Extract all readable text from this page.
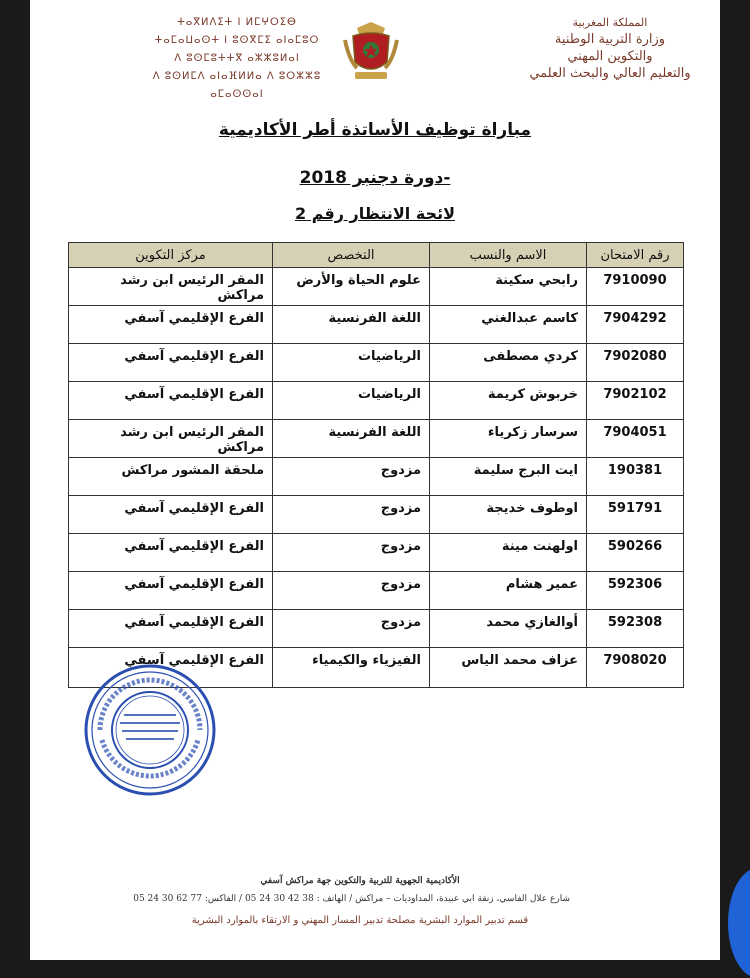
المملكة المغربية
وزارة التربية الوطنية
والتكوين المهني
والتعليم العالي والبحث العلمي
ⵜⴰⴳⵍⴷⵉⵜ ⵏ ⵍⵎⵖⵔⵉⴱ
ⵜⴰⵎⴰⵡⴰⵙⵜ ⵏ ⵓⵙⴳⵎⵉ ⴰⵏⴰⵎⵓⵔ
ⴷ ⵓⵙⵎⵓⵜⵜⴳ ⴰⵣⵣⵓⵍⴰⵏ
ⴷ ⵓⵙⵍⵎⴷ ⴰⵏⴰⴼⵍⵍⴰ ⴷ ⵓⵔⵣⵣⵓ ⴰⵎⴰⵙⵙⴰⵏ
مباراة توظيف الأساتذة أطر الأكاديمية
-دورة دجنبر 2018
لائحة الانتظار رقم 2
رقم الامتحان	الاسم والنسب	التخصص	مركز التكوين
7910090	رابحي سكينة	علوم الحياة والأرض	المقر الرئيس ابن رشد مراكش
7904292	كاسم عبدالغني	اللغة الفرنسية	الفرع الإقليمي آسفي
7902080	كردي مصطفى	الرياضيات	الفرع الإقليمي آسفي
7902102	خربوش كريمة	الرياضيات	الفرع الإقليمي آسفي
7904051	سرسار زكرياء	اللغة الفرنسية	المقر الرئيس ابن رشد مراكش
190381	ايت البرج سليمة	مزدوج	ملحقة المشور مراكش
591791	اوطوف خديجة	مزدوج	الفرع الإقليمي آسفي
590266	اولهنت مينة	مزدوج	الفرع الإقليمي آسفي
592306	عمير هشام	مزدوج	الفرع الإقليمي آسفي
592308	أوالغازي محمد	مزدوج	الفرع الإقليمي آسفي
7908020	عزاف محمد الياس	الفيزياء والكيمياء	الفرع الإقليمي آسفي
الأكاديمية الجهوية للتربية والتكوين جهة مراكش آسفي
شارع علال الفاسي، زنقة ابي عبيدة، المداوديات – مراكش / الهاتف : 38 42 30 24 05 / الفاكس: 77 62 30 24 05
قسم تدبير الموارد البشرية مصلحة تدبير المسار المهني و الارتقاء بالموارد البشرية
